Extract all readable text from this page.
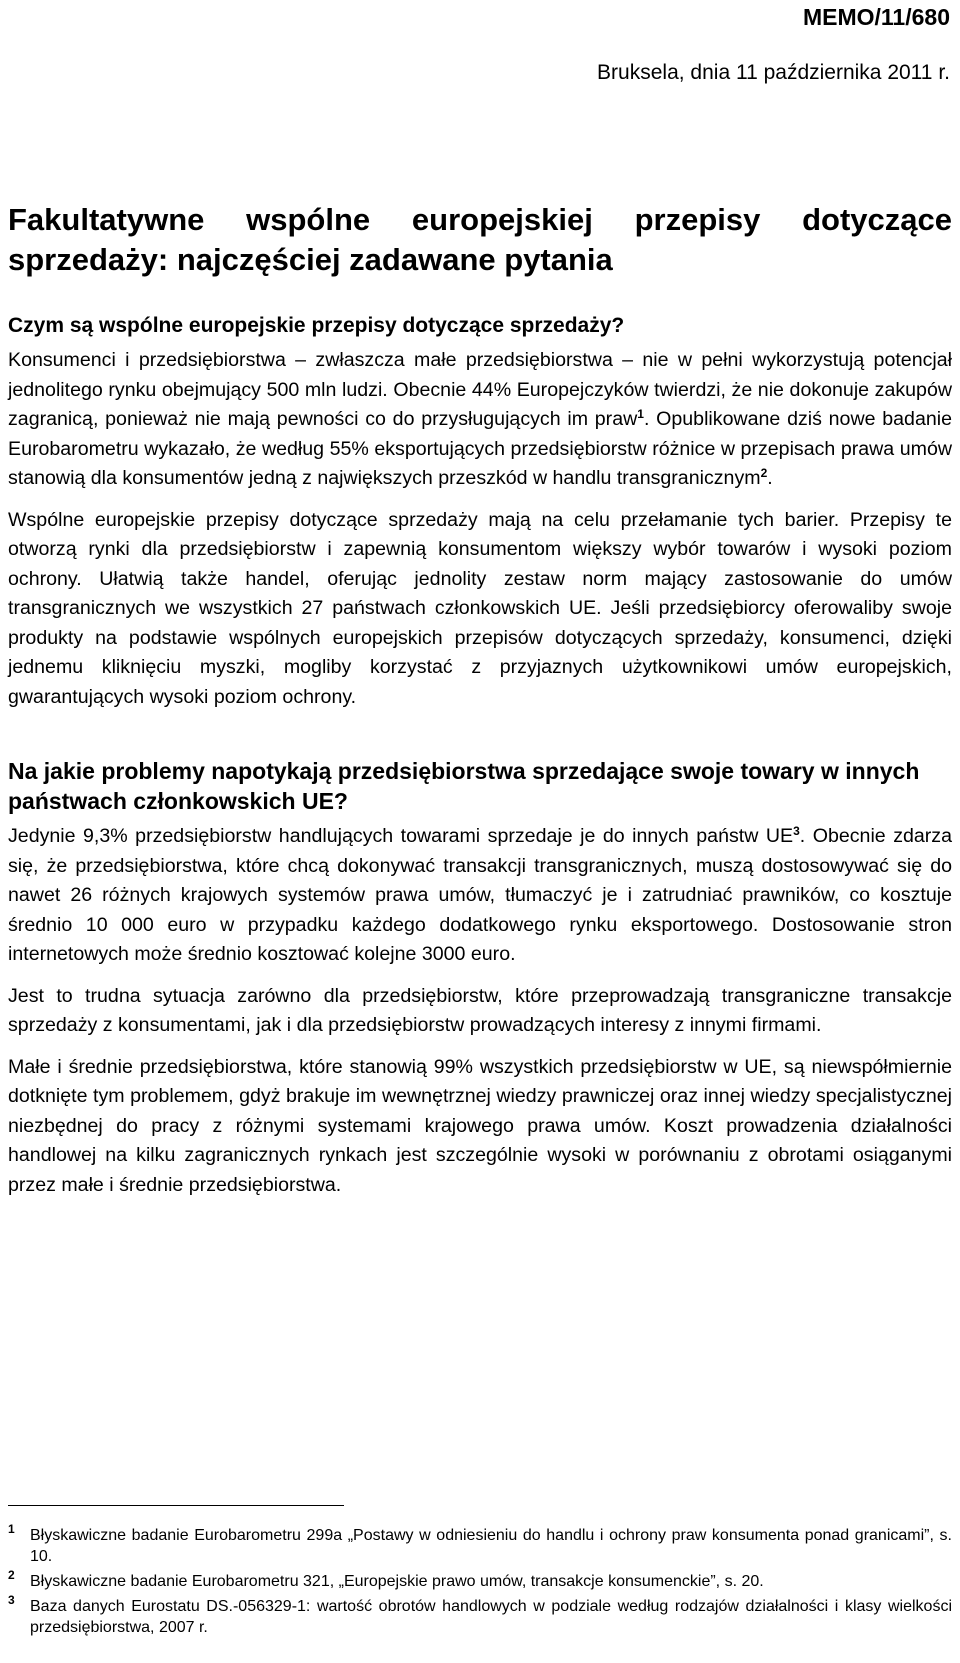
MEMO/11/680
Bruksela, dnia 11 października 2011 r.
Fakultatywne wspólne europejskiej przepisy dotyczące sprzedaży: najczęściej zadawane pytania
Czym są wspólne europejskie przepisy dotyczące sprzedaży?

Konsumenci i przedsiębiorstwa – zwłaszcza małe przedsiębiorstwa – nie w pełni wykorzystują potencjał jednolitego rynku obejmujący 500 mln ludzi. Obecnie 44% Europejczyków twierdzi, że nie dokonuje zakupów zagranicą, ponieważ nie mają pewności co do przysługujących im praw$^1$. Opublikowane dziś nowe badanie Eurobarometru wykazało, że według 55% eksportujących przedsiębiorstw różnice w przepisach prawa umów stanowią dla konsumentów jedną z największych przeszkód w handlu transgranicznym$^2$.

Wspólne europejskie przepisy dotyczące sprzedaży mają na celu przełamanie tych barier. Przepisy te otworzą rynki dla przedsiębiorstw i zapewnią konsumentom większy wybór towarów i wysoki poziom ochrony. Ułatwią także handel, oferując jednolity zestaw norm mający zastosowanie do umów transgranicznych we wszystkich 27 państwach członkowskich UE. Jeśli przedsiębiorcy oferowaliby swoje produkty na podstawie wspólnych europejskich przepisów dotyczących sprzedaży, konsumenci, dzięki jednemu kliknięciu myszki, mogliby korzystać z przyjaznych użytkownikowi umów europejskich, gwarantujących wysoki poziom ochrony.

Na jakie problemy napotykają przedsiębiorstwa sprzedające swoje towary w innych państwach członkowskich UE?

Jedynie 9,3% przedsiębiorstw handlujących towarami sprzedaje je do innych państw $UE^3$. Obecnie zdarza się, że przedsiębiorstwa, które chcą dokonywać transakcji transgranicznych, muszą dostosowywać się do nawet 26 różnych krajowych systemów prawa umów, tłumaczyć je i zatrudniać prawników, co kosztuje średnio 10 000 euro w przypadku każdego dodatkowego rynku eksportowego. Dostosowanie stron internetowych może średnio kosztować kolejne 3000 euro.

Jest to trudna sytuacja zarówno dla przedsiębiorstw, które przeprowadzają transgraniczne transakcje sprzedaży z konsumentami, jak i dla przedsiębiorstw prowadzących interesy z innymi firmami.

Małe i średnie przedsiębiorstwa, które stanowią 99% wszystkich przedsiębiorstw w UE, są niewspółmiernie dotknięte tym problemem, gdyż brakuje im wewnętrznej wiedzy prawniczej oraz innej wiedzy specjalistycznej niezbędnej do pracy z różnymi systemami krajowego prawa umów. Koszt prowadzenia działalności handlowej na kilku zagranicznych rynkach jest szczególnie wysoki w porównaniu z obrotami osiąganymi przez małe i średnie przedsiębiorstwa.

1 Błyskawiczne badanie Eurobarometru 299a „Postawy w odniesieniu do handlu i ochrony praw konsumenta ponad granicami”, s. 10.
2 Błyskawiczne badanie Eurobarometru 321, „Europejskie prawo umów, transakcje konsumenckie”, s. 20.
3 Baza danych Eurostatu DS.-056329-1: wartość obrotów handlowych w podziale według rodzajów działalności i klasy wielkości przedsiębiorstwa, 2007 r.
